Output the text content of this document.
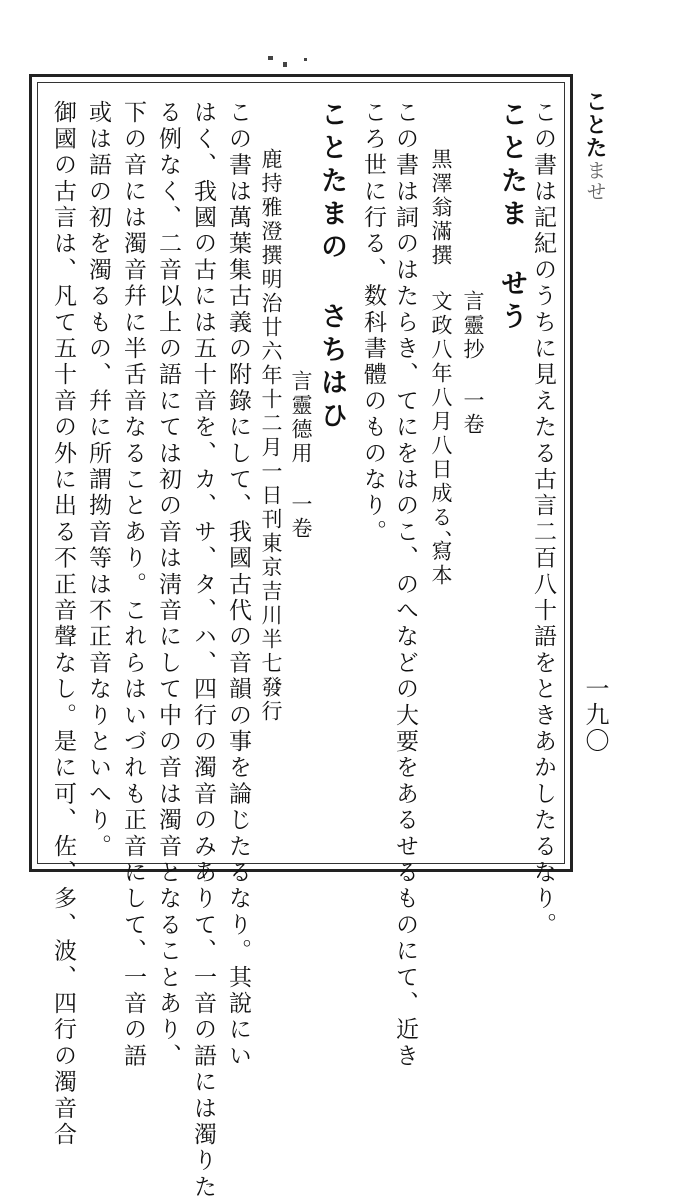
ことた
ませ
一九〇
この書は記紀のうちに見えたる古言二百八十語をときあかしたるなり。
ことたま せう
言靈抄 一卷
黒澤翁滿撰
文政八年八月八日成る、
寫本
この書は詞のはたらき、てにをはのこ、のへなどの大要をあるせるものにて、近き
ころ世に行る、数科書體のものなり。
ことたまの さちはひ
言靈德用 一卷
鹿持雅澄撰
明治廿六年十二月一日刊東京吉川半七發行
この書は萬葉集古義の附錄にして、我國古代の音韻の事を論じたるなり。其說にい
はく、我國の古には五十音を、カ、サ、タ、ハ、四行の濁音のみありて、一音の語には濁りた
る例なく、二音以上の語にては初の音は淸音にして中の音は濁音となることあり、
下の音には濁音幷に半舌音なることあり。これらはいづれも正音にして、一音の語
或は語の初を濁るもの、幷に所謂拗音等は不正音なりといへり。
御國の古言は、凡て五十音の外に出る不正音聲なし。是に可、佐、多、波、四行の濁音合
